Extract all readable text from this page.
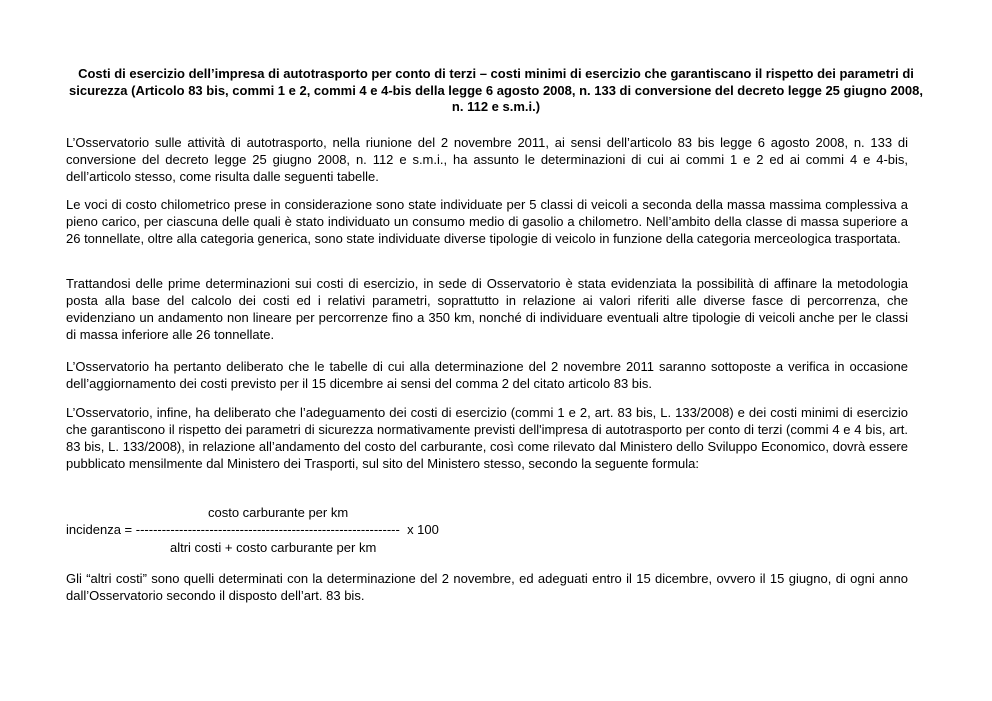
Costi di esercizio dell’impresa di autotrasporto per conto di terzi – costi minimi di esercizio che garantiscano il rispetto dei parametri di sicurezza (Articolo 83 bis, commi 1 e 2, commi 4 e 4-bis della legge 6 agosto 2008, n. 133 di conversione del decreto legge 25 giugno 2008, n. 112 e s.m.i.)

L’Osservatorio sulle attività di autotrasporto, nella riunione del 2 novembre 2011, ai sensi dell’articolo 83 bis legge 6 agosto 2008, n. 133 di conversione del decreto legge 25 giugno 2008, n. 112 e s.m.i., ha assunto le determinazioni di cui ai commi 1 e 2 ed ai commi 4 e 4-bis, dell’articolo stesso, come risulta dalle seguenti tabelle.

Le voci di costo chilometrico prese in considerazione sono state individuate per 5 classi di veicoli a seconda della massa massima complessiva a pieno carico, per ciascuna delle quali è stato individuato un consumo medio di gasolio a chilometro. Nell’ambito della classe di massa superiore a 26 tonnellate, oltre alla categoria generica, sono state individuate diverse tipologie di veicolo in funzione della categoria merceologica trasportata.

Trattandosi delle prime determinazioni sui costi di esercizio, in sede di Osservatorio è stata evidenziata la possibilità di affinare la metodologia posta alla base del calcolo dei costi ed i relativi parametri, soprattutto in relazione ai valori riferiti alle diverse fasce di percorrenza, che evidenziano un andamento non lineare per percorrenze fino a 350 km, nonché di individuare eventuali altre tipologie di veicoli anche per le classi di massa inferiore alle 26 tonnellate.

L’Osservatorio ha pertanto deliberato che le tabelle di cui alla determinazione del 2 novembre 2011 saranno sottoposte a verifica in occasione dell’aggiornamento dei costi previsto per il 15 dicembre ai sensi del comma 2 del citato articolo 83 bis.

L’Osservatorio, infine, ha deliberato che l’adeguamento dei costi di esercizio (commi 1 e 2, art. 83 bis, L. 133/2008) e dei costi minimi di esercizio che garantiscono il rispetto dei parametri di sicurezza normativamente previsti dell'impresa di autotrasporto per conto di terzi (commi 4 e 4 bis, art. 83 bis, L. 133/2008), in relazione all’andamento del costo del carburante, così come rilevato dal Ministero dello Sviluppo Economico, dovrà essere pubblicato mensilmente dal Ministero dei Trasporti, sul sito del Ministero stesso, secondo la seguente formula:

costo carburante per km
incidenza = ------------------------------------------------------------- x 100
altri costi + costo carburante per km

Gli “altri costi” sono quelli determinati con la determinazione del 2 novembre, ed adeguati entro il 15 dicembre, ovvero il 15 giugno, di ogni anno dall’Osservatorio secondo il disposto dell’art. 83 bis.
